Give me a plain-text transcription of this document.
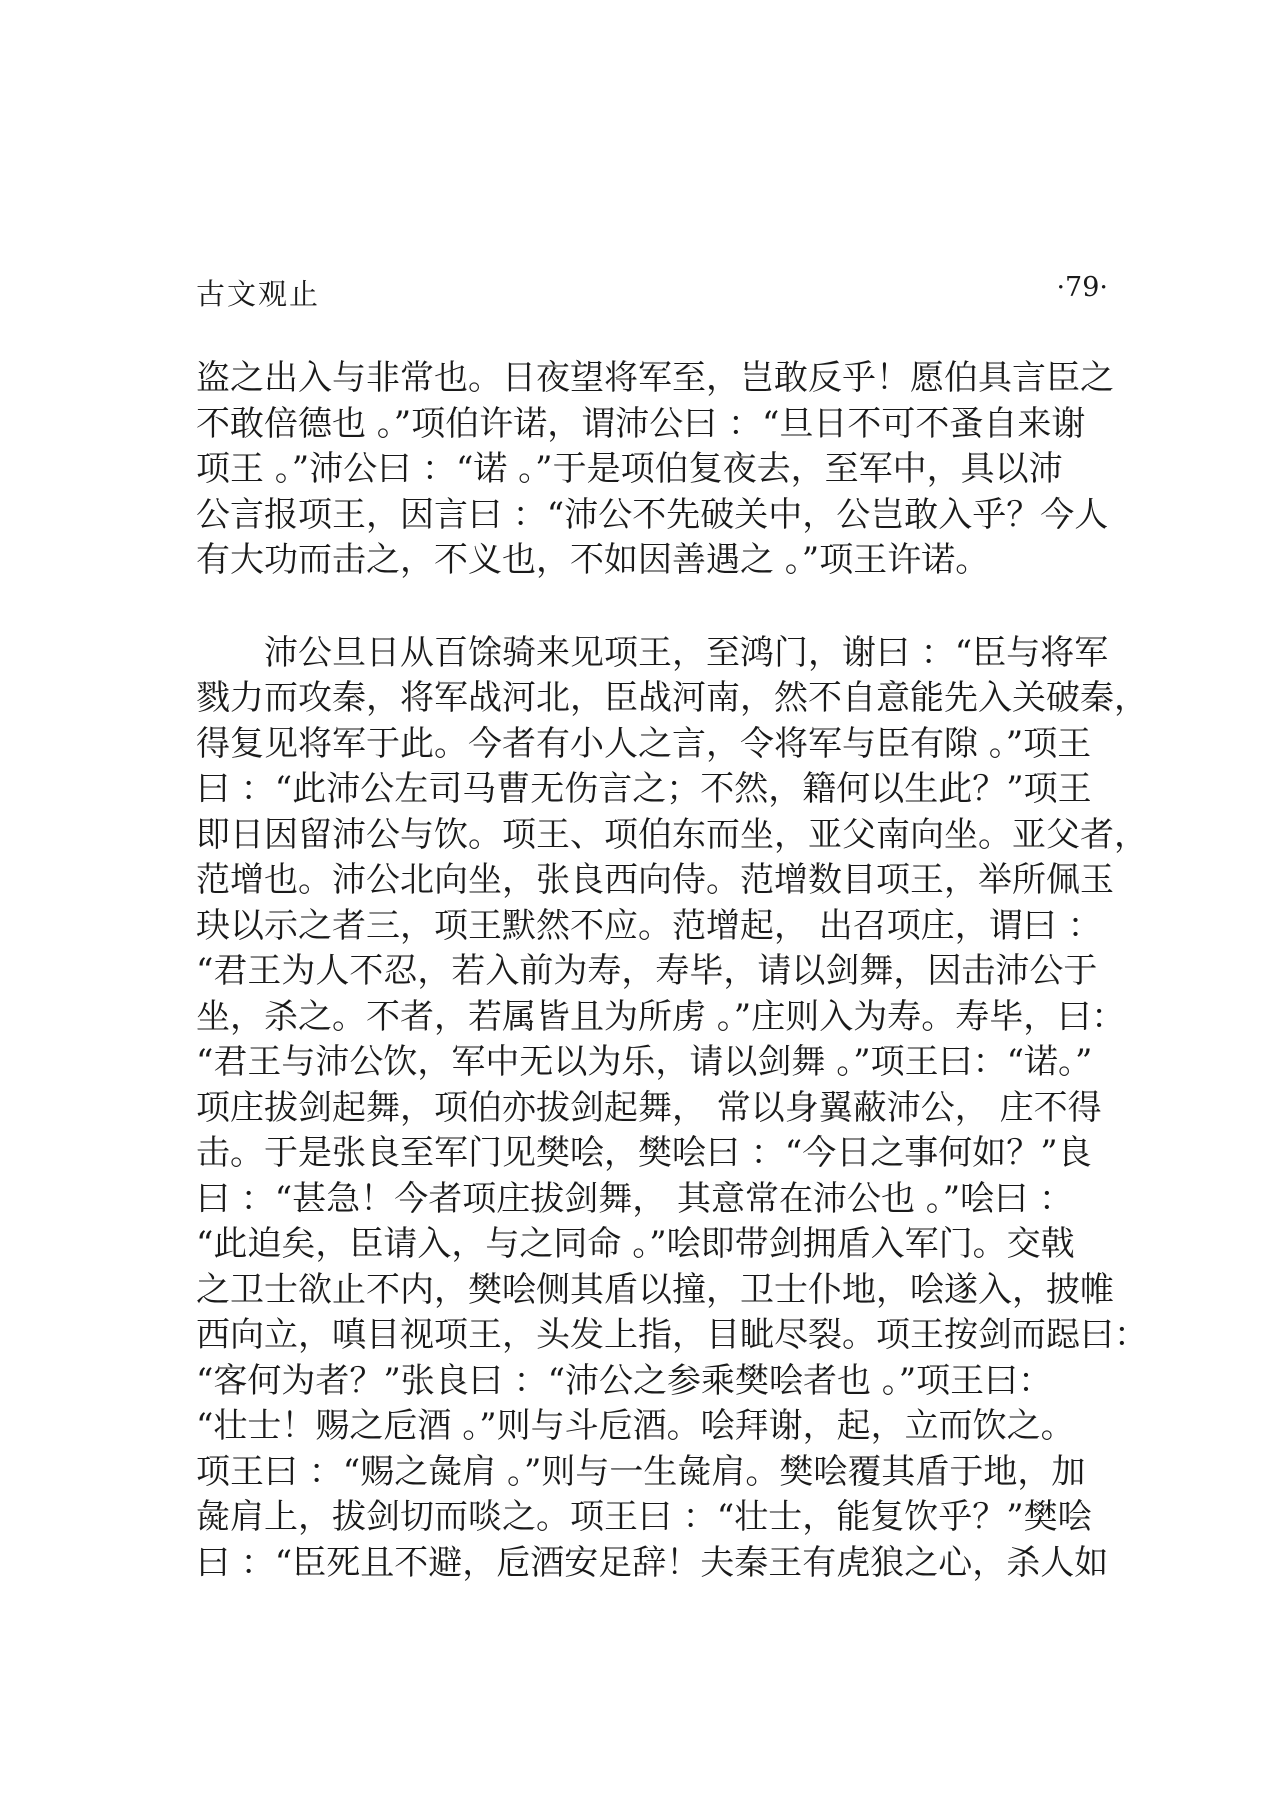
古文观止	·79·
盗之出入与非常也。日夜望将军至，岂敢反乎！愿伯具言臣之
不敢倍德也 。”项伯许诺，谓沛公曰 ：“旦日不可不蚤自来谢
项王 。”沛公曰 ：“诺 。”于是项伯复夜去，至军中，具以沛
公言报项王，因言曰 ：“沛公不先破关中，公岂敢入乎？今人
有大功而击之，不义也，不如因善遇之 。”项王许诺。
沛公旦日从百馀骑来见项王，至鸿门，谢曰 ：“臣与将军
戮力而攻秦，将军战河北，臣战河南，然不自意能先入关破秦，
得复见将军于此。今者有小人之言，令将军与臣有隙 。”项王
曰 ：“此沛公左司马曹无伤言之；不然，籍何以生此？”项王
即日因留沛公与饮。项王、项伯东而坐，亚父南向坐。亚父者，
范增也。沛公北向坐，张良西向侍。范增数目项王，举所佩玉
玦以示之者三，项王默然不应。范增起， 出召项庄，谓曰 ：
“君王为人不忍，若入前为寿，寿毕，请以剑舞，因击沛公于
坐，杀之。不者，若属皆且为所虏 。”庄则入为寿。寿毕，曰：
“君王与沛公饮，军中无以为乐，请以剑舞 。”项王曰：“诺。”
项庄拔剑起舞，项伯亦拔剑起舞， 常以身翼蔽沛公， 庄不得
击。于是张良至军门见樊哙，樊哙曰 ：“今日之事何如？”良
曰 ：“甚急！今者项庄拔剑舞， 其意常在沛公也 。”哙曰 ：
“此迫矣，臣请入，与之同命 。”哙即带剑拥盾入军门。交戟
之卫士欲止不内，樊哙侧其盾以撞，卫士仆地，哙遂入，披帷
西向立，嗔目视项王，头发上指，目眦尽裂。项王按剑而跽曰：
“客何为者？”张良曰 ：“沛公之参乘樊哙者也 。”项王曰：
“壮士！赐之卮酒 。”则与斗卮酒。哙拜谢，起，立而饮之。
项王曰 ：“赐之彘肩 。”则与一生彘肩。樊哙覆其盾于地，加
彘肩上，拔剑切而啖之。项王曰 ：“壮士，能复饮乎？”樊哙
曰 ：“臣死且不避，卮酒安足辞！夫秦王有虎狼之心，杀人如
